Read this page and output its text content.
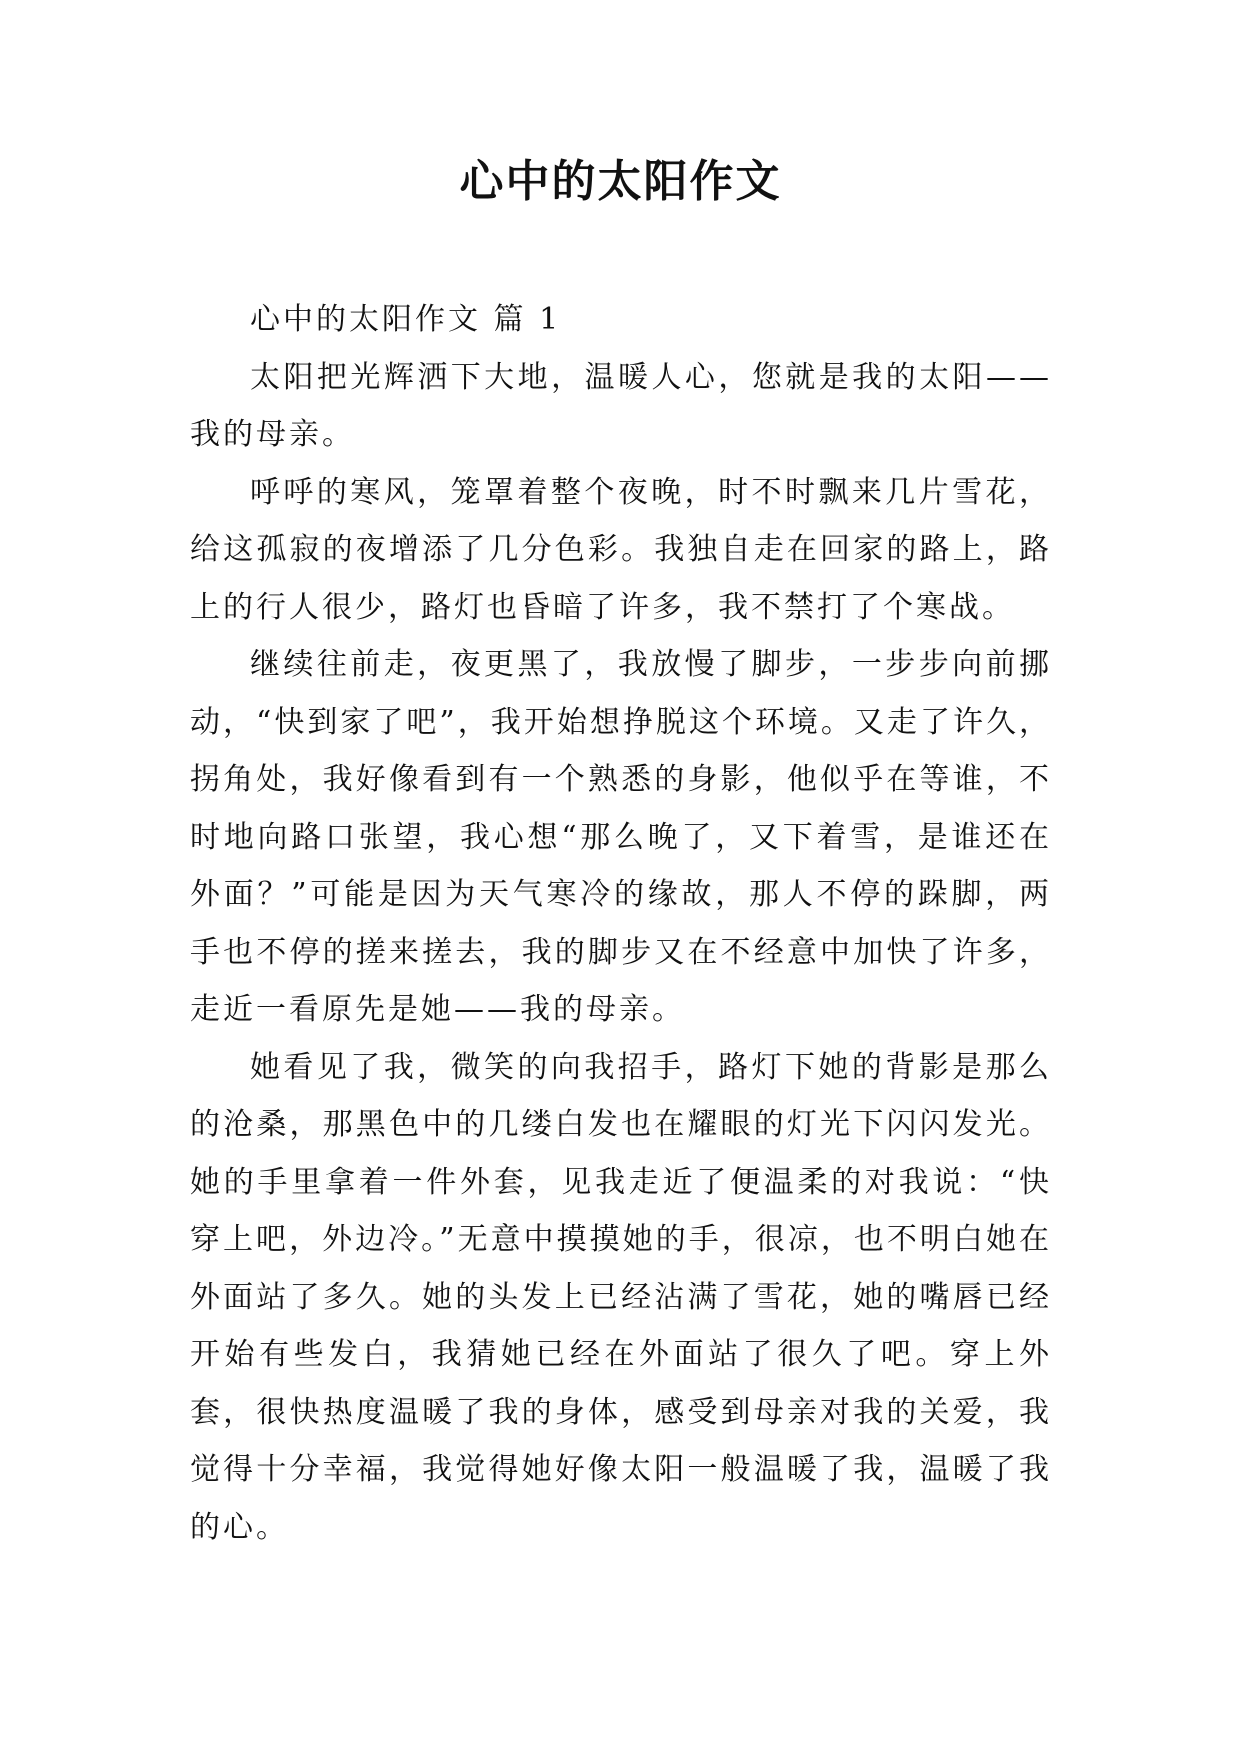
心中的太阳作文

心中的太阳作文 篇 1

太阳把光辉洒下大地，温暖人心，您就是我的太阳——我的母亲。

呼呼的寒风，笼罩着整个夜晚，时不时飘来几片雪花，给这孤寂的夜增添了几分色彩。我独自走在回家的路上，路上的行人很少，路灯也昏暗了许多，我不禁打了个寒战。

继续往前走，夜更黑了，我放慢了脚步，一步步向前挪动，“快到家了吧”，我开始想挣脱这个环境。又走了许久，拐角处，我好像看到有一个熟悉的身影，他似乎在等谁，不时地向路口张望，我心想“那么晚了，又下着雪，是谁还在外面？”可能是因为天气寒冷的缘故，那人不停的跺脚，两手也不停的搓来搓去，我的脚步又在不经意中加快了许多，走近一看原先是她——我的母亲。

她看见了我，微笑的向我招手，路灯下她的背影是那么的沧桑，那黑色中的几缕白发也在耀眼的灯光下闪闪发光。她的手里拿着一件外套，见我走近了便温柔的对我说：“快穿上吧，外边冷。”无意中摸摸她的手，很凉，也不明白她在外面站了多久。她的头发上已经沾满了雪花，她的嘴唇已经开始有些发白，我猜她已经在外面站了很久了吧。穿上外套，很快热度温暖了我的身体，感受到母亲对我的关爱，我觉得十分幸福，我觉得她好像太阳一般温暖了我，温暖了我的心。
